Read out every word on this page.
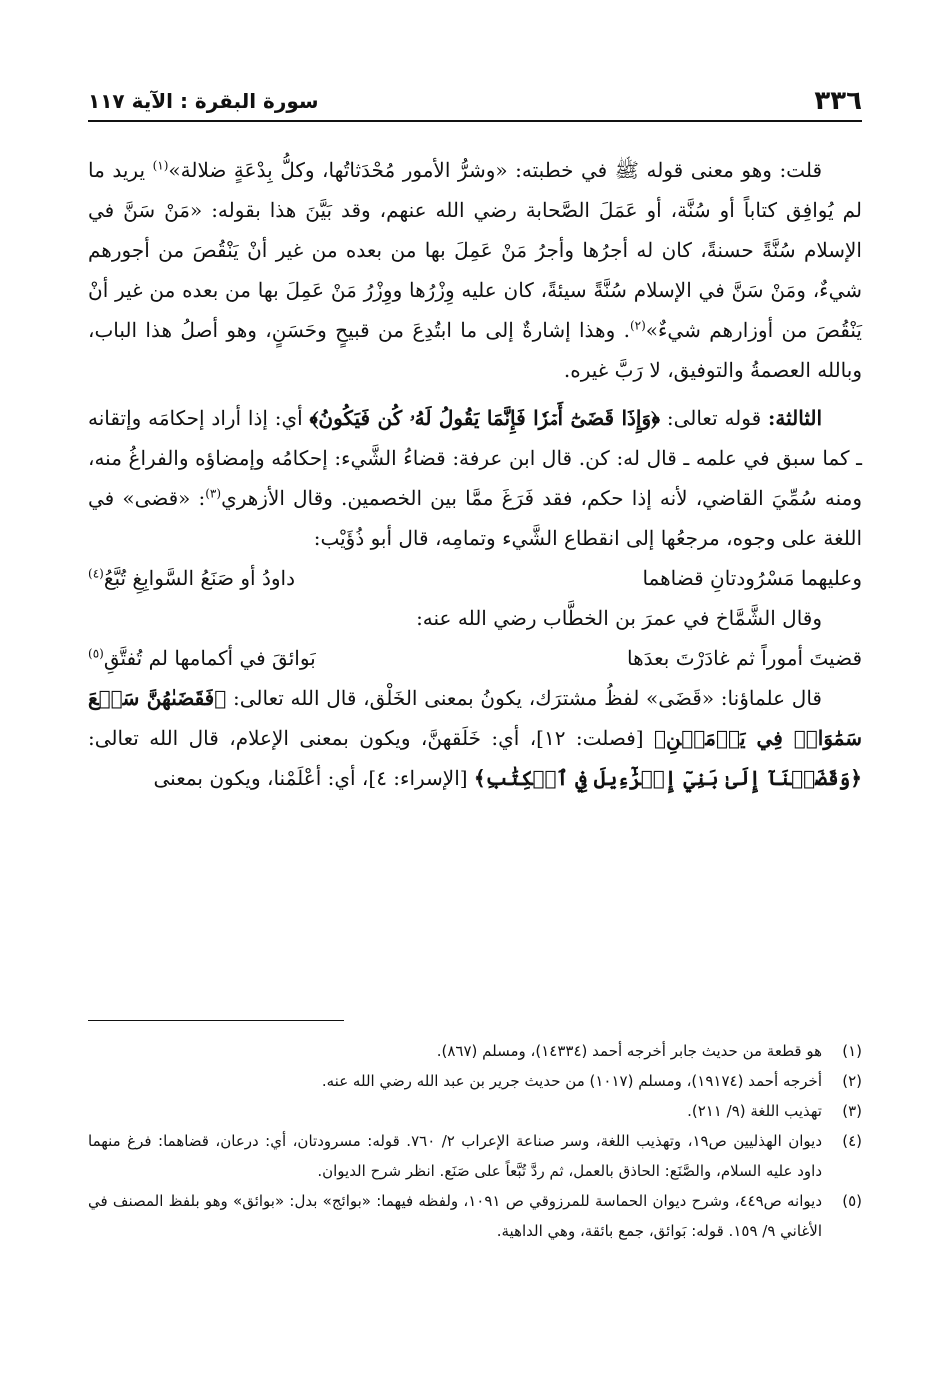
٣٣٦
سورة البقرة : الآية ١١٧

قلت: وهو معنى قوله ﷺ في خطبته: «وشرُّ الأمور مُحْدَثاتُها، وكلُّ بِدْعَةٍ ضلالة»$^{(١)}$ يريد ما لم يُوافِق كتاباً أو سُنَّة، أو عَمَلَ الصَّحابة رضي الله عنهم، وقد بَيَّنَ هذا بقوله: «مَنْ سَنَّ في الإسلام سُنَّةً حسنةً، كان له أجرُها وأجرُ مَنْ عَمِلَ بها من بعده من غير أنْ يَنْقُصَ من أجورهم شيءٌ، ومَنْ سَنَّ في الإسلام سُنَّةً سيئةً، كان عليه وِزْرُها ووِزْرُ مَنْ عَمِلَ بها من بعده من غير أنْ يَنْقُصَ من أوزارهم شيءٌ»$^{(٢)}$. وهذا إشارةٌ إلى ما ابتُدِعَ من قبيحٍ وحَسَنٍ، وهو أصلُ هذا الباب، وبالله العصمةُ والتوفيق، لا رَبَّ غيره.

الثالثة: قوله تعالى: ﴿وَإِذَا قَضَىٰٓ أَمۡرٗا فَإِنَّمَا يَقُولُ لَهُۥ كُن فَيَكُونُ﴾ أي: إذا أراد إحكامَه وإتقانه ـ كما سبق في علمه ـ قال له: كن. قال ابن عرفة: قضاءُ الشَّيء: إحكامُه وإمضاؤه والفراغُ منه، ومنه سُمِّيَ القاضي، لأنه إذا حكم، فقد فَرَغَ ممَّا بين الخصمين. وقال الأزهري$^{(٣)}$: «قضى» في اللغة على وجوه، مرجعُها إلى انقطاع الشَّيء وتمامِه، قال أبو ذُؤَيْب:

وعليهما مَسْرُودتانِ قضاهما
داودُ أو صَنَعُ السَّوابِغِ تُبَّعُ$^{(٤)}$

وقال الشَّمَّاخ في عمرَ بن الخطَّاب رضي الله عنه:

قضيتَ أموراً ثم غادَرْتَ بعدَها
بَوائقَ في أكمامها لم تُفتَّقِ$^{(٥)}$

قال علماؤنا: «قَضَى» لفظُ مشترَك، يكونُ بمعنى الخَلْق، قال الله تعالى: ﴿فَقَضَىٰهُنَّ سَبۡعَ سَمَٰوَاتٖ فِي يَوۡمَيۡنِ﴾ [فصلت: ١٢]، أي: خَلَقهنَّ، ويكون بمعنى الإعلام، قال الله تعالى: ﴿وَقَضَيۡنَآ إِلَىٰ بَنِيٓ إِسۡرَٰٓءِيلَ فِي ٱلۡكِتَٰبِ﴾ [الإسراء: ٤]، أي: أعْلَمْنا، ويكون بمعنى

(١)
هو قطعة من حديث جابر أخرجه أحمد (١٤٣٣٤)، ومسلم (٨٦٧).
(٢)
أخرجه أحمد (١٩١٧٤)، ومسلم (١٠١٧) من حديث جرير بن عبد الله رضي الله عنه.
(٣)
تهذيب اللغة (٩/ ٢١١).
(٤)
ديوان الهذليين ص١٩، وتهذيب اللغة، وسر صناعة الإعراب ٢/ ٧٦٠. قوله: مسرودتان، أي: درعان، قضاهما: فرغ منهما داود عليه السلام، والصَّنَع: الحاذق بالعمل، ثم ردَّ تُبَّعاً على صَنَع. انظر شرح الديوان.
(٥)
ديوانه ص٤٤٩، وشرح ديوان الحماسة للمرزوقي ص ١٠٩١، ولفظه فيهما: «بوائج» بدل: «بوائق» وهو بلفظ المصنف في الأغاني ٩/ ١٥٩. قوله: بَوائق، جمع بائقة، وهي الداهية.
